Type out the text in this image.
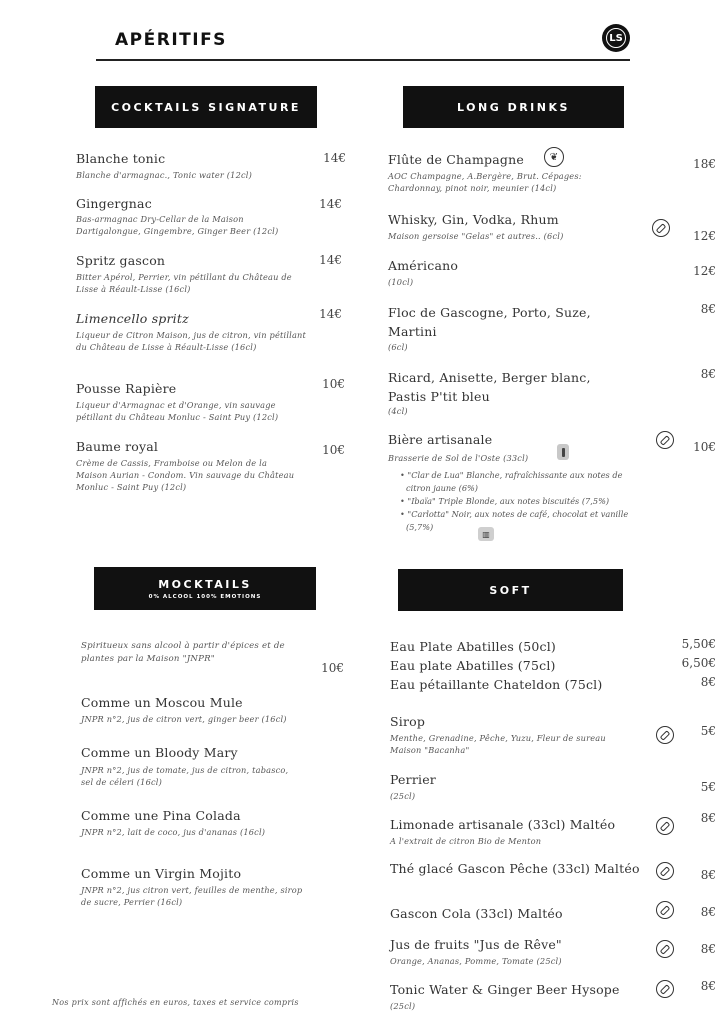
APÉRITIFS	LS
COCKTAILS SIGNATURE	LONG DRINKS
MOCKTAILS
0% ALCOOL 100% EMOTIONS	SOFT
Blanche tonic
Blanche d'armagnac., Tonic water (12cl)
14€
Gingergnac
Bas-armagnac Dry-Cellar de la Maison Dartigalongue, Gingembre, Ginger Beer (12cl)
14€
Spritz gascon
Bitter Apérol, Perrier, vin pétillant du Château de Lisse à Réault-Lisse (16cl)
14€
Limencello spritz
Liqueur de Citron Maison, jus de citron, vin pétillant du Château de Lisse à Réault-Lisse (16cl)
14€
Pousse Rapière
Liqueur d'Armagnac et d'Orange, vin sauvage pétillant du Château Monluc - Saint Puy (12cl)
10€
Baume royal
Crème de Cassis, Framboise ou Melon de la Maison Aurian - Condom. Vin sauvage du Château Monluc - Saint Puy (12cl)
10€
Flûte de Champagne	❦
AOC Champagne, A.Bergère, Brut. Cépages: Chardonnay, pinot noir, meunier (14cl)
18€
Whisky, Gin, Vodka, Rhum
Maison gersoise "Gelas" et autres.. (6cl)	12€
Américano
(10cl)
12€
Floc de Gascogne, Porto, Suze, Martini
(6cl)
8€
Ricard, Anisette, Berger blanc, Pastis P'tit bleu
(4cl)
8€
Bière artisanale
Brasserie de Sol de l'Oste (33cl)
10€
• "Clar de Lua" Blanche, rafraîchissante aux notes de citron jaune (6%)
• "Ibaïa" Triple Blonde, aux notes biscuités (7,5%)
• "Carlotta" Noir, aux notes de café, chocolat et vanille (5,7%)
▥
Spiritueux sans alcool à partir d'épices et de plantes par la Maison "JNPR"
10€
Comme un Moscou Mule
JNPR n°2, jus de citron vert, ginger beer (16cl)
Comme un Bloody Mary
JNPR n°2, jus de tomate, jus de citron, tabasco, sel de céleri (16cl)
Comme une Pina Colada
JNPR n°2, lait de coco, jus d'ananas (16cl)
Comme un Virgin Mojito
JNPR n°2, jus citron vert, feuilles de menthe, sirop de sucre, Perrier (16cl)
Eau Plate Abatilles (50cl)	5,50€
Eau plate Abatilles (75cl)	6,50€
Eau pétaillante Chateldon (75cl)	8€
Sirop
Menthe, Grenadine, Pêche, Yuzu, Fleur de sureau Maison "Bacanha"
5€
Perrier
(25cl)
5€
Limonade artisanale (33cl) Maltéo
A l'extrait de citron Bio de Menton
8€
Thé glacé Gascon Pêche (33cl) Maltéo	8€
Gascon Cola (33cl) Maltéo	8€
Jus de fruits "Jus de Rêve"
Orange, Ananas, Pomme, Tomate (25cl)
8€
Tonic Water & Ginger Beer Hysope
(25cl)
8€
Nos prix sont affichés en euros, taxes et service compris
